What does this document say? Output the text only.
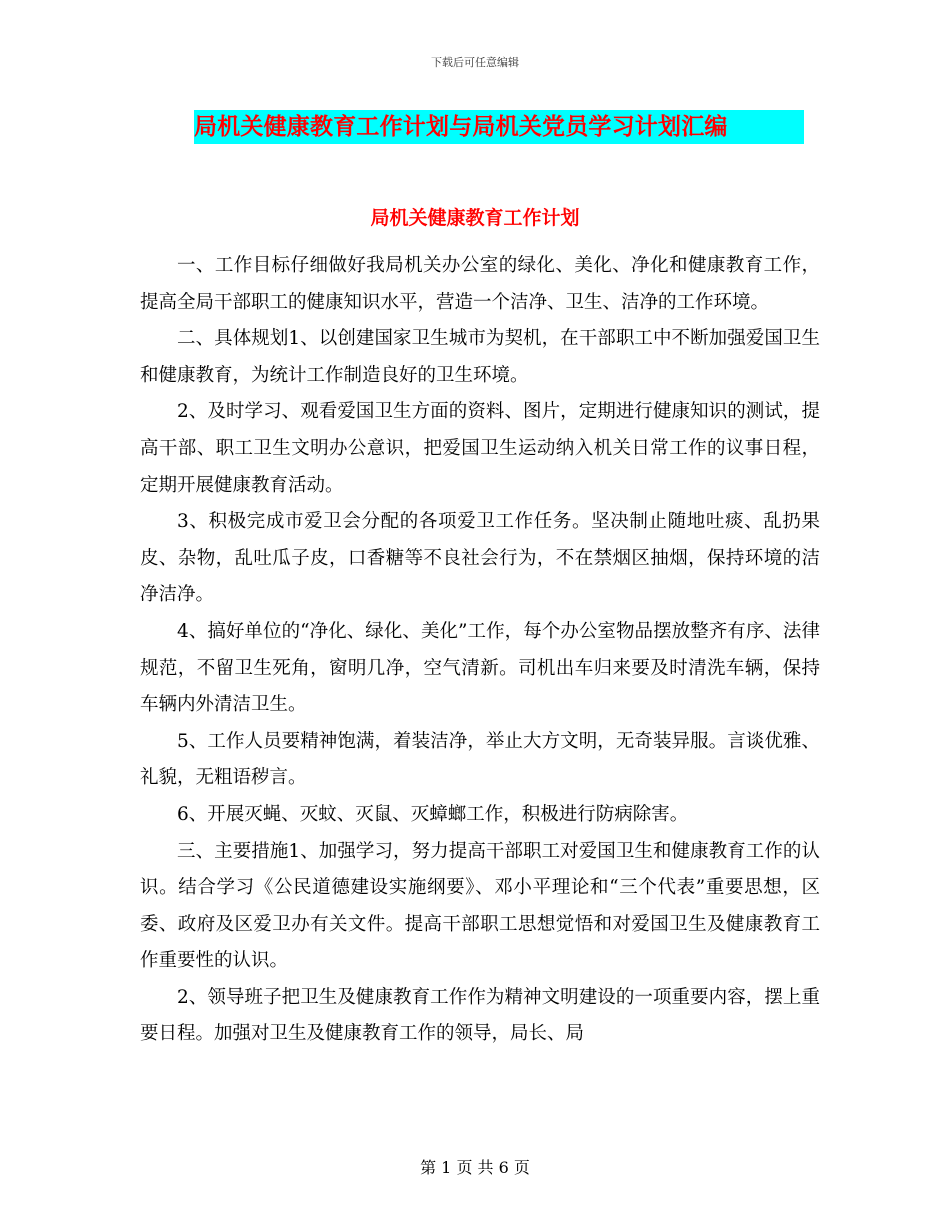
下载后可任意编辑
局机关健康教育工作计划与局机关党员学习计划汇编
局机关健康教育工作计划

一、工作目标仔细做好我局机关办公室的绿化、美化、净化和健康教育工作，提高全局干部职工的健康知识水平，营造一个洁净、卫生、洁净的工作环境。

二、具体规划1、以创建国家卫生城市为契机，在干部职工中不断加强爱国卫生和健康教育，为统计工作制造良好的卫生环境。

2、及时学习、观看爱国卫生方面的资料、图片，定期进行健康知识的测试，提高干部、职工卫生文明办公意识，把爱国卫生运动纳入机关日常工作的议事日程，定期开展健康教育活动。

3、积极完成市爱卫会分配的各项爱卫工作任务。坚决制止随地吐痰、乱扔果皮、杂物，乱吐瓜子皮，口香糖等不良社会行为，不在禁烟区抽烟，保持环境的洁净洁净。

4、搞好单位的“净化、绿化、美化”工作，每个办公室物品摆放整齐有序、法律规范，不留卫生死角，窗明几净，空气清新。司机出车归来要及时清洗车辆，保持车辆内外清洁卫生。

5、工作人员要精神饱满，着装洁净，举止大方文明，无奇装异服。言谈优雅、礼貌，无粗语秽言。

6、开展灭蝇、灭蚊、灭鼠、灭蟑螂工作，积极进行防病除害。

三、主要措施1、加强学习，努力提高干部职工对爱国卫生和健康教育工作的认识。结合学习《公民道德建设实施纲要》、邓小平理论和“三个代表”重要思想，区委、政府及区爱卫办有关文件。提高干部职工思想觉悟和对爱国卫生及健康教育工作重要性的认识。

2、领导班子把卫生及健康教育工作作为精神文明建设的一项重要内容，摆上重要日程。加强对卫生及健康教育工作的领导，局长、局

第 1 页 共 6 页
